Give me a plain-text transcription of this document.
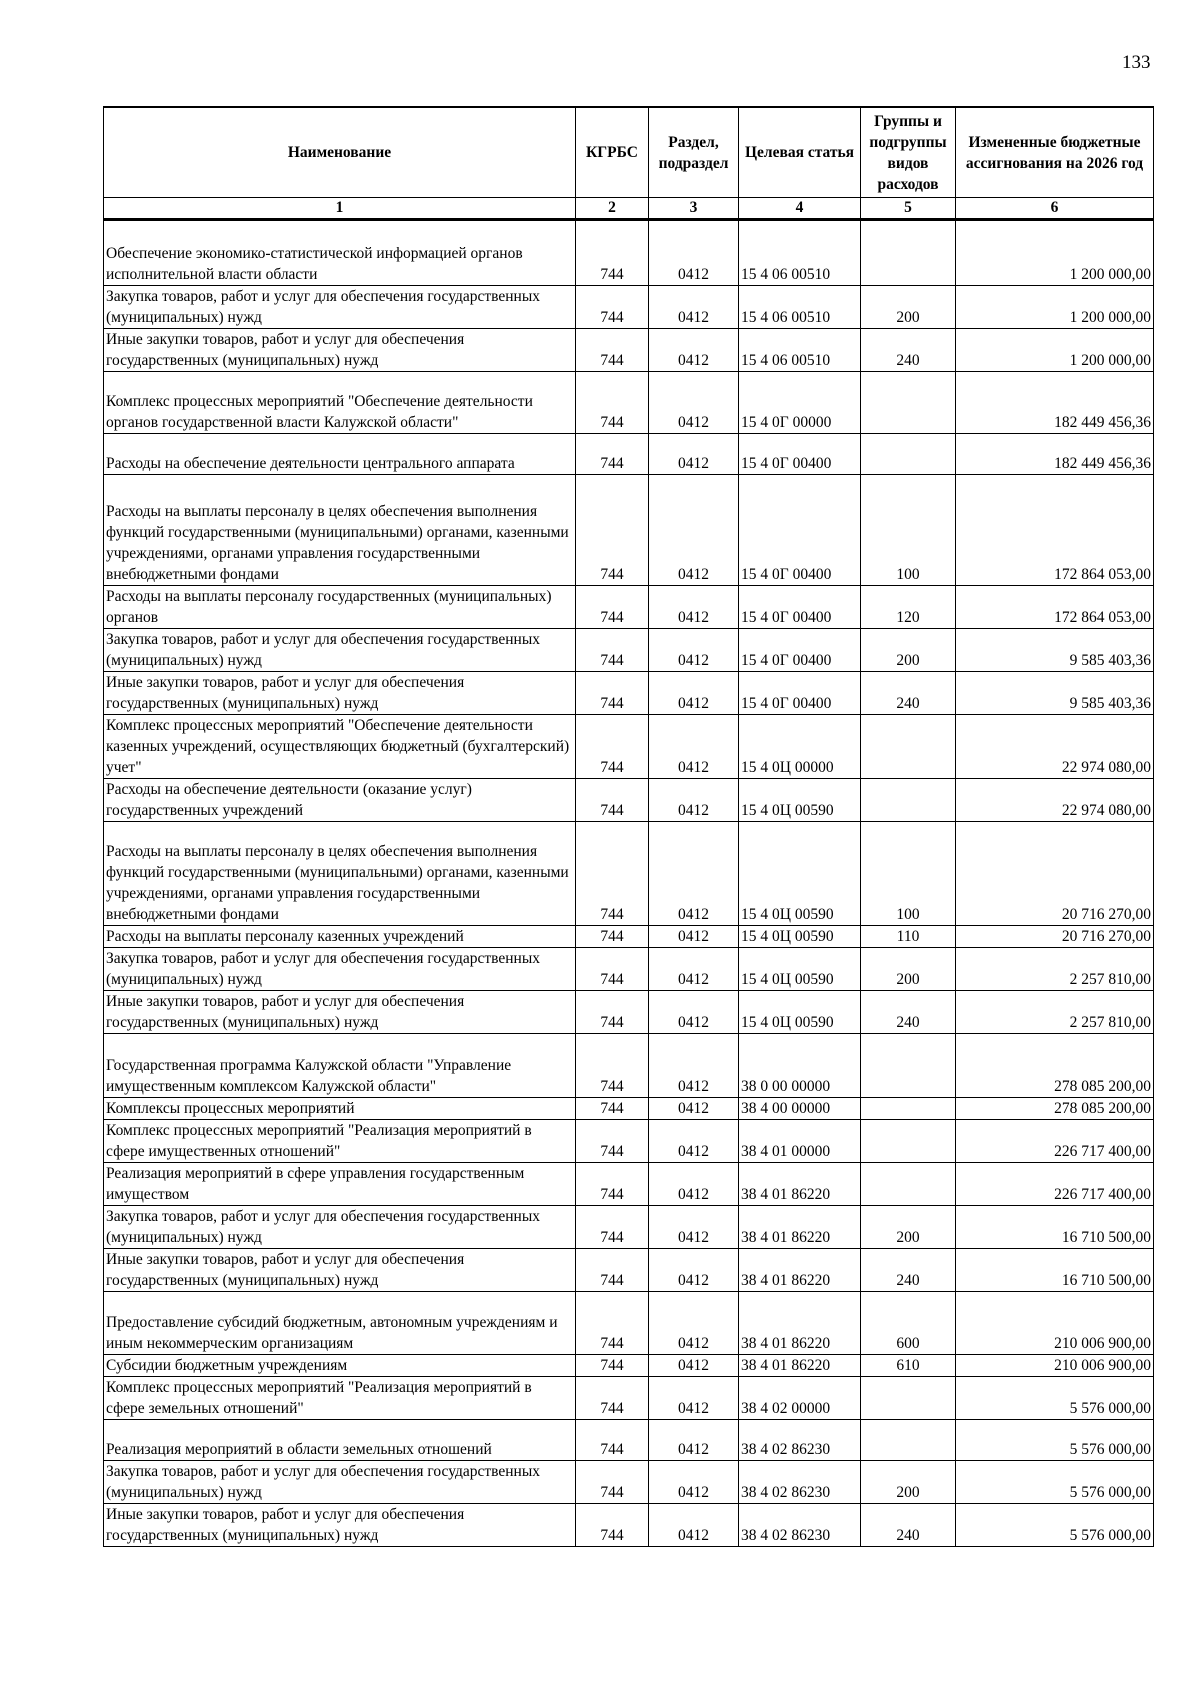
133
Наименование	КГРБС	Раздел, подраздел	Целевая статья	Группы и подгруппы видов расходов	Измененные бюджетные ассигнования на 2026 год
1	2	3	4	5	6
Обеспечение экономико-статистической информацией органов исполнительной власти области	744	0412	15 4 06 00510		1 200 000,00
Закупка товаров, работ и услуг для обеспечения государственных (муниципальных) нужд	744	0412	15 4 06 00510	200	1 200 000,00
Иные закупки товаров, работ и услуг для обеспечения государственных (муниципальных) нужд	744	0412	15 4 06 00510	240	1 200 000,00
Комплекс процессных мероприятий "Обеспечение деятельности органов государственной власти Калужской области"	744	0412	15 4 0Г 00000		182 449 456,36
Расходы на обеспечение деятельности центрального аппарата	744	0412	15 4 0Г 00400		182 449 456,36
Расходы на выплаты персоналу в целях обеспечения выполнения функций государственными (муниципальными) органами, казенными учреждениями, органами управления государственными внебюджетными фондами	744	0412	15 4 0Г 00400	100	172 864 053,00
Расходы на выплаты персоналу государственных (муниципальных) органов	744	0412	15 4 0Г 00400	120	172 864 053,00
Закупка товаров, работ и услуг для обеспечения государственных (муниципальных) нужд	744	0412	15 4 0Г 00400	200	9 585 403,36
Иные закупки товаров, работ и услуг для обеспечения государственных (муниципальных) нужд	744	0412	15 4 0Г 00400	240	9 585 403,36
Комплекс процессных мероприятий "Обеспечение деятельности казенных учреждений, осуществляющих бюджетный (бухгалтерский) учет"	744	0412	15 4 0Ц 00000		22 974 080,00
Расходы на обеспечение деятельности (оказание услуг) государственных учреждений	744	0412	15 4 0Ц 00590		22 974 080,00
Расходы на выплаты персоналу в целях обеспечения выполнения функций государственными (муниципальными) органами, казенными учреждениями, органами управления государственными внебюджетными фондами	744	0412	15 4 0Ц 00590	100	20 716 270,00
Расходы на выплаты персоналу казенных учреждений	744	0412	15 4 0Ц 00590	110	20 716 270,00
Закупка товаров, работ и услуг для обеспечения государственных (муниципальных) нужд	744	0412	15 4 0Ц 00590	200	2 257 810,00
Иные закупки товаров, работ и услуг для обеспечения государственных (муниципальных) нужд	744	0412	15 4 0Ц 00590	240	2 257 810,00
Государственная программа Калужской области "Управление имущественным комплексом Калужской области"	744	0412	38 0 00 00000		278 085 200,00
Комплексы процессных мероприятий	744	0412	38 4 00 00000		278 085 200,00
Комплекс процессных мероприятий "Реализация мероприятий в сфере имущественных отношений"	744	0412	38 4 01 00000		226 717 400,00
Реализация мероприятий в сфере управления государственным имуществом	744	0412	38 4 01 86220		226 717 400,00
Закупка товаров, работ и услуг для обеспечения государственных (муниципальных) нужд	744	0412	38 4 01 86220	200	16 710 500,00
Иные закупки товаров, работ и услуг для обеспечения государственных (муниципальных) нужд	744	0412	38 4 01 86220	240	16 710 500,00
Предоставление субсидий бюджетным, автономным учреждениям и иным некоммерческим организациям	744	0412	38 4 01 86220	600	210 006 900,00
Субсидии бюджетным учреждениям	744	0412	38 4 01 86220	610	210 006 900,00
Комплекс процессных мероприятий "Реализация мероприятий в сфере земельных отношений"	744	0412	38 4 02 00000		5 576 000,00
Реализация мероприятий в области земельных отношений	744	0412	38 4 02 86230		5 576 000,00
Закупка товаров, работ и услуг для обеспечения государственных (муниципальных) нужд	744	0412	38 4 02 86230	200	5 576 000,00
Иные закупки товаров, работ и услуг для обеспечения государственных (муниципальных) нужд	744	0412	38 4 02 86230	240	5 576 000,00
